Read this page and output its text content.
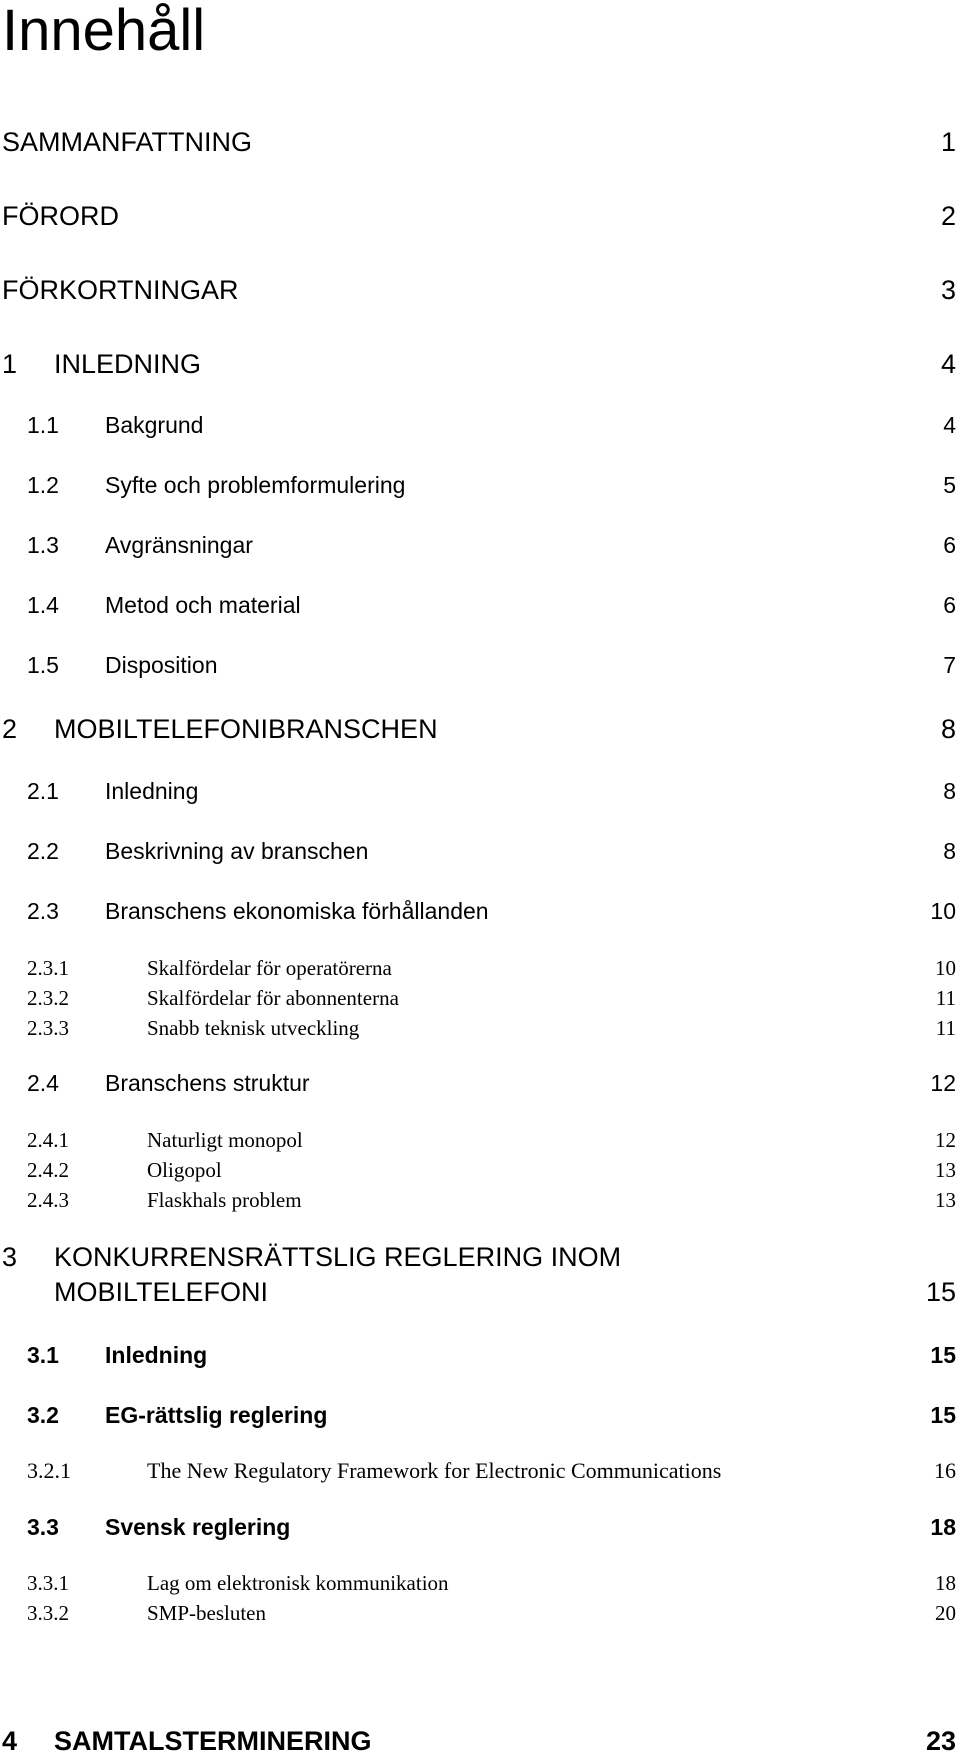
Innehåll
SAMMANFATTNING	1
FÖRORD	2
FÖRKORTNINGAR	3
1 INLEDNING	4
1.1 Bakgrund	4
1.2 Syfte och problemformulering	5
1.3 Avgränsningar	6
1.4 Metod och material	6
1.5 Disposition	7
2 MOBILTELEFONIBRANSCHEN	8
2.1 Inledning	8
2.2 Beskrivning av branschen	8
2.3 Branschens ekonomiska förhållanden	10
2.3.1	Skalfördelar för operatörerna	10
2.3.2	Skalfördelar för abonnenterna	11
2.3.3	Snabb teknisk utveckling	11
2.4 Branschens struktur	12
2.4.1	Naturligt monopol	12
2.4.2	Oligopol	13
2.4.3	Flaskhals problem	13
3 KONKURRENSRÄTTSLIG REGLERING INOM
MOBILTELEFONI	15
3.1 Inledning	15
3.2 EG-rättslig reglering	15
3.2.1	The New Regulatory Framework for Electronic Communications	16
3.3 Svensk reglering	18
3.3.1	Lag om elektronisk kommunikation	18
3.3.2	SMP-besluten	20
4 SAMTALSTERMINERING	23
